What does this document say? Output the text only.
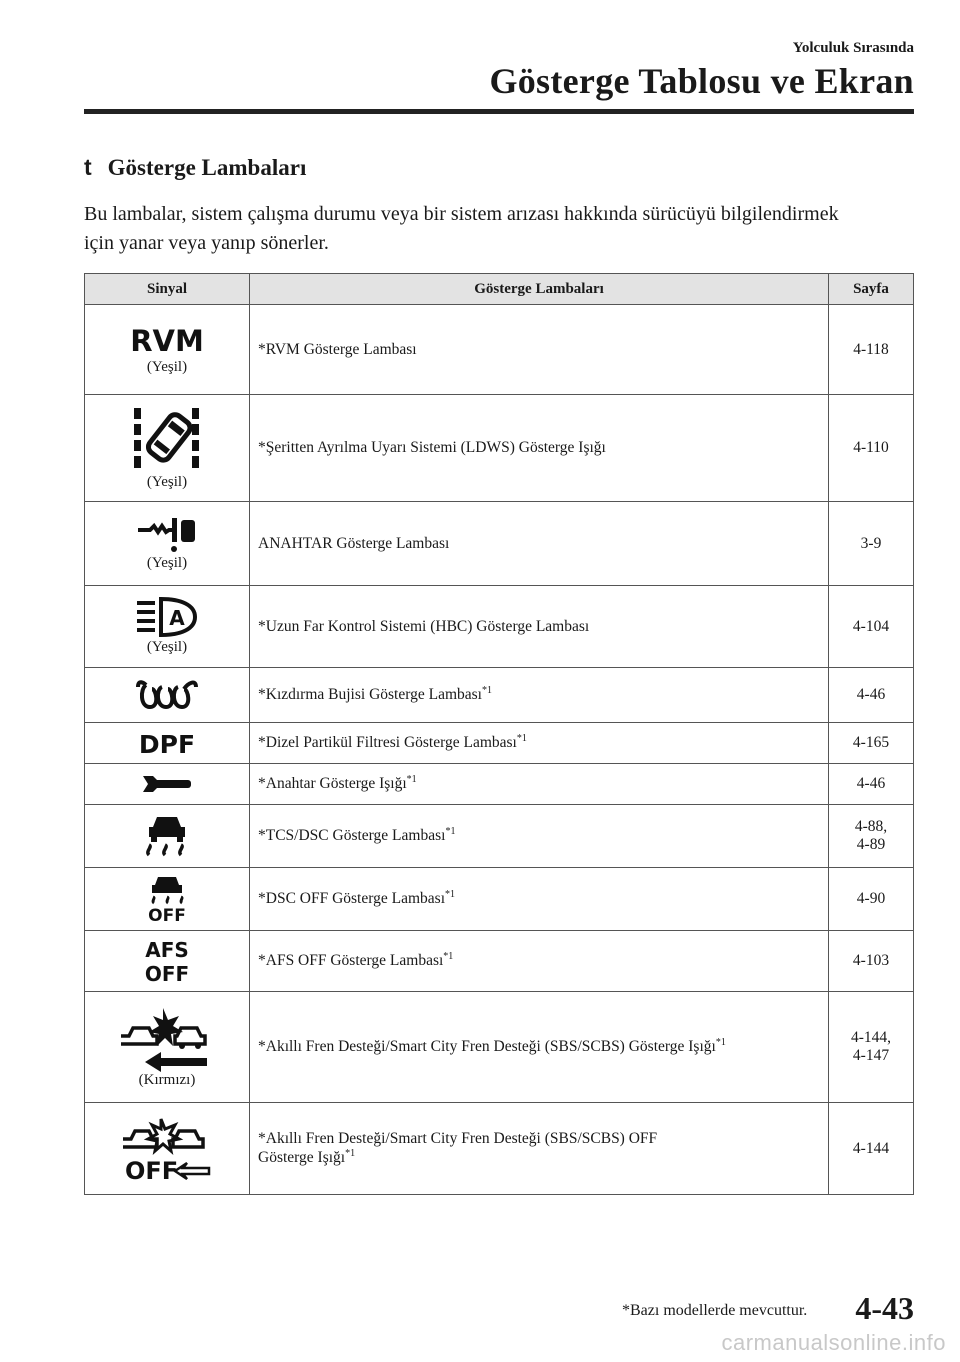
Yolculuk Sırasında
Gösterge Tablosu ve Ekran
t Gösterge Lambaları
Bu lambalar, sistem çalışma durumu veya bir sistem arızası hakkında sürücüyü bilgilendirmek için yanar veya yanıp sönerler.
Sinyal	Gösterge Lambaları	Sayfa

RVM
(Yeşil)	*RVM Gösterge Lambası	4-118

(Yeşil)	*Şeritten Ayrılma Uyarı Sistemi (LDWS) Gösterge Işığı	4-110

(Yeşil)	ANAHTAR Gösterge Lambası	3-9

A
(Yeşil)	*Uzun Far Kontrol Sistemi (HBC) Gösterge Lambası	4-104

	*Kızdırma Bujisi Gösterge Lambası$^{*1}$	4-46

DPF	*Dizel Partikül Filtresi Gösterge Lambası$^{*1}$	4-165

	*Anahtar Gösterge Işığı$^{*1}$	4-46

	*TCS/DSC Gösterge Lambası$^{*1}$	4-88,
4-89

OFF	*DSC OFF Gösterge Lambası$^{*1}$	4-90

AFS
OFF	*AFS OFF Gösterge Lambası$^{*1}$	4-103

(Kırmızı)	*Akıllı Fren Desteği/Smart City Fren Desteği (SBS/SCBS) Gösterge Işığı$^{*1}$	4-144,
4-147

OFF	*Akıllı Fren Desteği/Smart City Fren Desteği (SBS/SCBS) OFF
Gösterge Işığı$^{*1}$	4-144
*Bazı modellerde mevcuttur. 4-43
carmanualsonline.info
